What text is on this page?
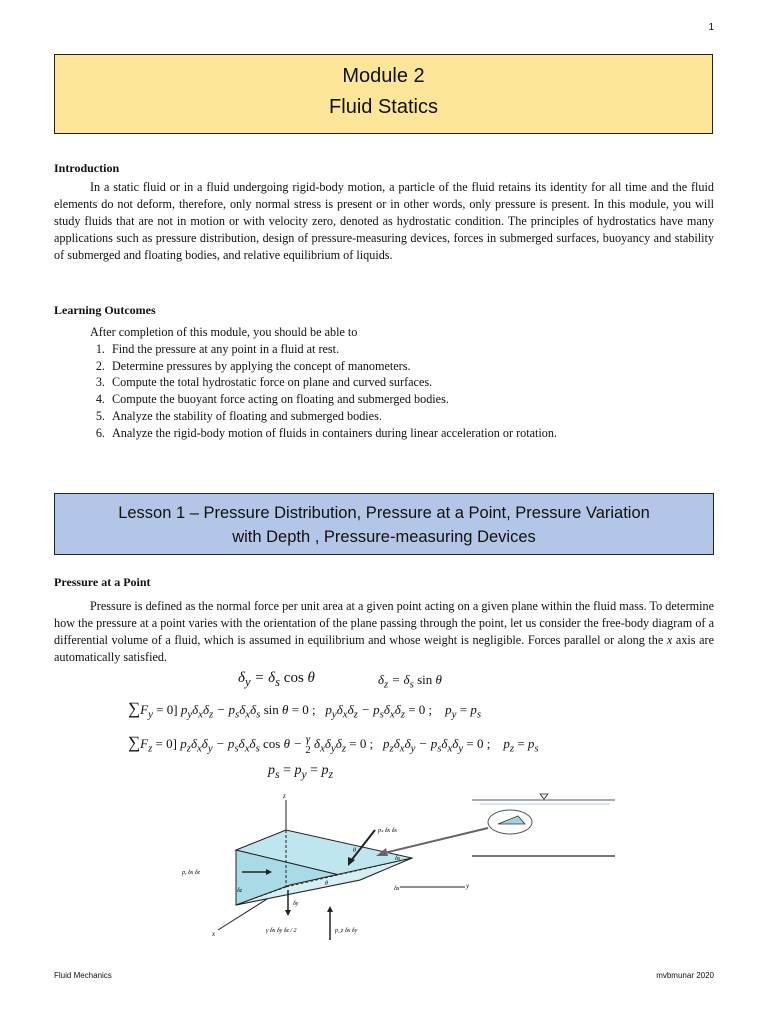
1
Module 2
Fluid Statics
Introduction
In a static fluid or in a fluid undergoing rigid-body motion, a particle of the fluid retains its identity for all time and the fluid elements do not deform, therefore, only normal stress is present or in other words, only pressure is present. In this module, you will study fluids that are not in motion or with velocity zero, denoted as hydrostatic condition. The principles of hydrostatics have many applications such as pressure distribution, design of pressure-measuring devices, forces in submerged surfaces, buoyancy and stability of submerged and floating bodies, and relative equilibrium of liquids.
Learning Outcomes
After completion of this module, you should be able to
1. Find the pressure at any point in a fluid at rest.
2. Determine pressures by applying the concept of manometers.
3. Compute the total hydrostatic force on plane and curved surfaces.
4. Compute the buoyant force acting on floating and submerged bodies.
5. Analyze the stability of floating and submerged bodies.
6. Analyze the rigid-body motion of fluids in containers during linear acceleration or rotation.
Lesson 1 – Pressure Distribution, Pressure at a Point, Pressure Variation
with Depth , Pressure-measuring Devices
Pressure at a Point
Pressure is defined as the normal force per unit area at a given point acting on a given plane within the fluid mass. To determine how the pressure at a point varies with the orientation of the plane passing through the point, let us consider the free-body diagram of a differential volume of a fluid, which is assumed in equilibrium and whose weight is negligible. Forces parallel or along the x axis are automatically satisfied.
$\delta_y = \delta_s$ cos θ	$\delta_z = \delta_s$ sin θ
$\sum F_y = 0$] $p_y\delta_x\delta_z - p_s\delta_x\delta_s$ sin θ = 0 ;   $p_y\delta_x\delta_z - p_s\delta_x\delta_z = 0$ ;    $p_y = p_s$
$\sum F_z = 0$] $p_z\delta_x\delta_y - p_s\delta_x\delta_s$ cos θ − γ
2 $\delta_x\delta_y\delta_z = 0$ ;   $p_z\delta_x\delta_y - p_s\delta_x\delta_y = 0$ ;    $p_z = p_s$
$p_s = p_y = p_z$
z
y
x
pₛ δx δs
θ
δs
δx
θ
pᵧ δx δz
δz
δy
γ δx δy δz / 2	p_z δx δy
Fluid Mechanics	mvbmunar 2020
